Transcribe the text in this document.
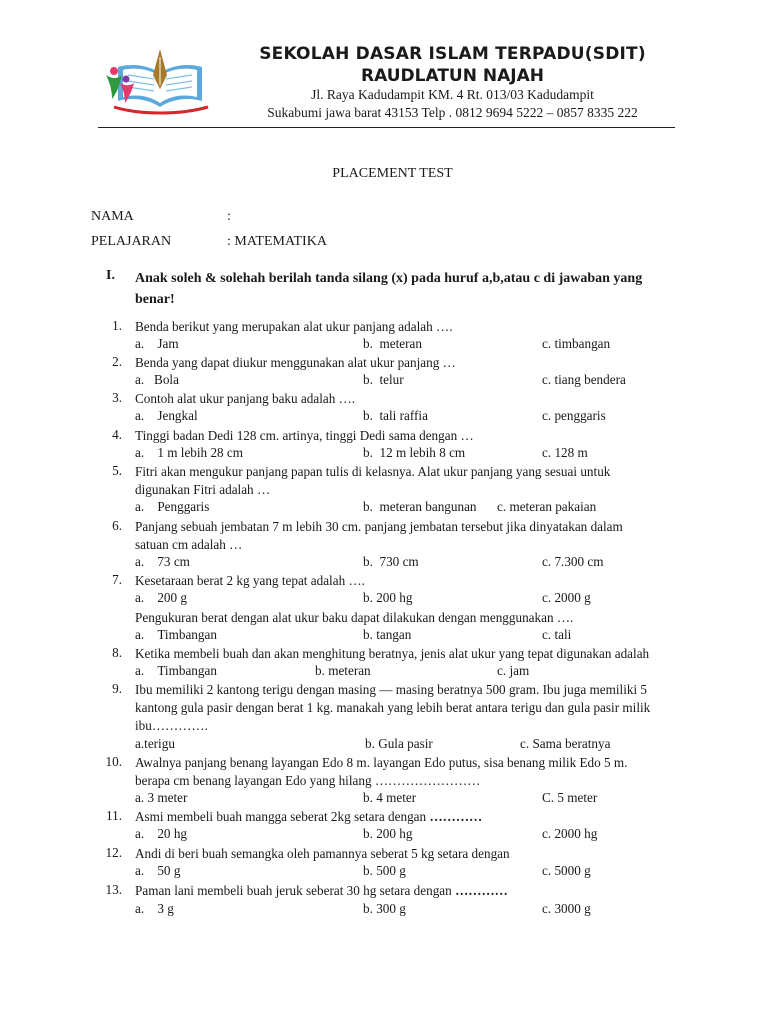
SEKOLAH DASAR ISLAM TERPADU(SDIT)
RAUDLATUN NAJAH
Jl. Raya Kadudampit KM. 4 Rt. 013/03 Kadudampit
Sukabumi jawa barat 43153 Telp . 0812 9694 5222 – 0857 8335 222
PLACEMENT TEST
NAMA	:
PELAJARAN	: MATEMATIKA
I. Anak soleh & solehah berilah tanda silang (x) pada huruf a,b,atau c di jawaban yang benar!
1. Benda berikut yang merupakan alat ukur panjang adalah ….
a.    Jam	b.  meteran	c. timbangan
2. Benda yang dapat diukur menggunakan alat ukur panjang …
a.   Bola	b.  telur	c. tiang bendera
3. Contoh alat ukur panjang baku adalah ….
a.    Jengkal	b.  tali raffia	c. penggaris
4. Tinggi badan Dedi 128 cm. artinya, tinggi Dedi sama dengan …
a.    1 m lebih 28 cm	b.  12 m lebih 8 cm	c. 128 m
5. Fitri akan mengukur panjang papan tulis di kelasnya. Alat ukur panjang yang sesuai untuk
digunakan Fitri adalah …
a.    Penggaris	b.  meteran bangunan c. meteran pakaian
6. Panjang sebuah jembatan 7 m lebih 30 cm. panjang jembatan tersebut jika dinyatakan dalam
satuan cm adalah …
a.    73 cm	b.  730 cm	c. 7.300 cm
7. Kesetaraan berat 2 kg yang tepat adalah ….
a.    200 g	b. 200 hg	c. 2000 g
Pengukuran berat dengan alat ukur baku dapat dilakukan dengan menggunakan ….
a.    Timbangan	b. tangan	c. tali
8. Ketika membeli buah dan akan menghitung beratnya, jenis alat ukur yang tepat digunakan adalah
a.    Timbangan	b. meteran	c. jam
9. Ibu memiliki 2 kantong terigu dengan masing — masing beratnya 500 gram. Ibu juga memiliki 5
kantong gula pasir dengan berat 1 kg. manakah yang lebih berat antara terigu dan gula pasir milik
ibu………….
a.terigu	b. Gula pasir	c. Sama beratnya
10. Awalnya panjang benang layangan Edo 8 m. layangan Edo putus, sisa benang milik Edo 5 m.
berapa cm benang layangan Edo yang hilang ……………………
a. 3 meter	b. 4 meter	C. 5 meter
11. Asmi membeli buah mangga seberat 2kg setara dengan …………
a.    20 hg	b. 200 hg	c. 2000 hg
12. Andi di beri buah semangka oleh pamannya seberat 5 kg setara dengan
a.    50 g	b. 500 g	c. 5000 g
13. Paman lani membeli buah jeruk seberat 30 hg setara dengan …………
a.    3 g	b. 300 g	c. 3000 g
